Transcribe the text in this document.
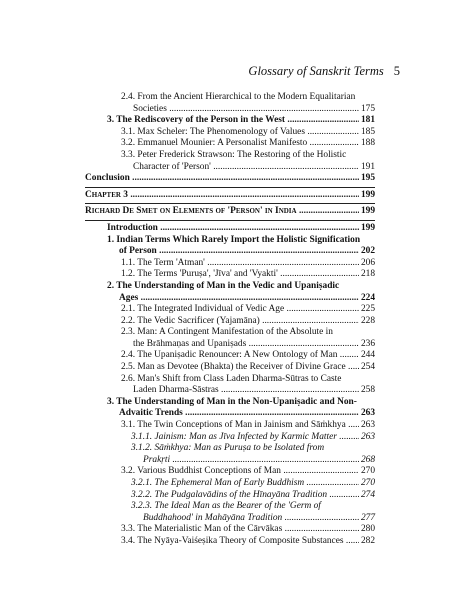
Glossary of Sanskrit Terms 5
2.4. From the Ancient Hierarchical to the Modern Equalitarian
Societies .....	175
3. The Rediscovery of the Person in the West .....	181
3.1. Max Scheler: The Phenomenology of Values .....	185
3.2. Emmanuel Mounier: A Personalist Manifesto .....	188
3.3. Peter Frederick Strawson: The Restoring of the Holistic
Character of 'Person' .....	191
Conclusion .....	195
Chapter 3 .....	199
Richard De Smet on Elements of 'Person' in India .....	199
Introduction .....	199
1. Indian Terms Which Rarely Import the Holistic Signification
of Person .....	202
1.1. The Term 'Ātman' .....	206
1.2. The Terms 'Puruṣa', 'Jīva' and 'Vyakti' .....	218
2. The Understanding of Man in the Vedic and Upaniṣadic
Ages .....	224
2.1. The Integrated Individual of Vedic Age .....	225
2.2. The Vedic Sacrificer (Yajamāna) .....	228
2.3. Man: A Contingent Manifestation of the Absolute in
the Brāhmaṇas and Upaniṣads .....	236
2.4. The Upaniṣadic Renouncer: A New Ontology of Man .....	244
2.5. Man as Devotee (Bhakta) the Receiver of Divine Grace .....	254
2.6. Man's Shift from Class Laden Dharma-Sūtras to Caste
Laden Dharma-Śāstras .....	258
3. The Understanding of Man in the Non-Upaniṣadic and Non-
Advaitic Trends .....	263
3.1. The Twin Conceptions of Man in Jainism and Sāṁkhya .....	263
3.1.1. Jainism: Man as Jīva Infected by Karmic Matter .....	263
3.1.2. Sāṁkhya: Man as Puruṣa to be Isolated from
Prakṛti .....	268
3.2. Various Buddhist Conceptions of Man .....	270
3.2.1. The Ephemeral Man of Early Buddhism .....	270
3.2.2. The Pudgalavādins of the Hīnayāna Tradition .....	274
3.2.3. The Ideal Man as the Bearer of the 'Germ of
Buddhahood' in Mahāyāna Tradition .....	277
3.3. The Materialistic Man of the Cārvākas .....	280
3.4. The Nyāya-Vaiśeṣika Theory of Composite Substances .....	282
